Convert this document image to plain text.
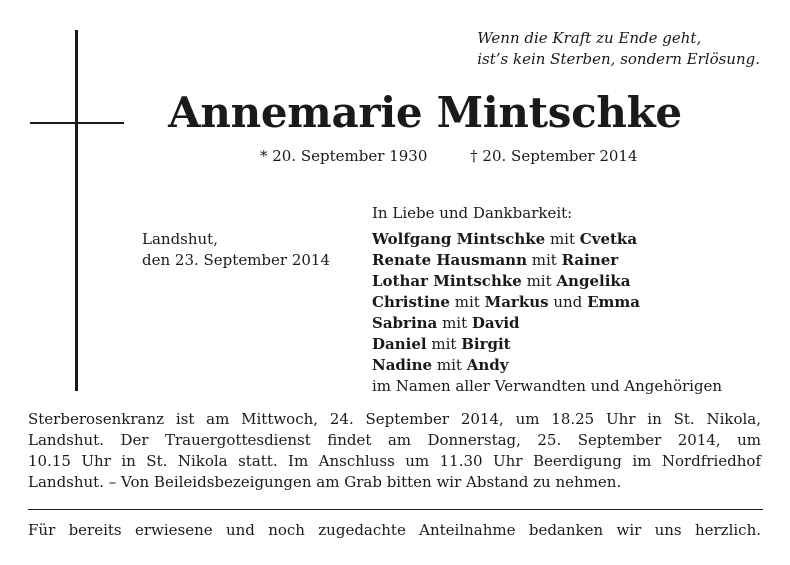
Wenn die Kraft zu Ende geht,
ist’s kein Sterben, sondern Erlösung.
Annemarie Mintschke
* 20. September 1930	† 20. September 2014
Landshut,
den 23. September 2014
In Liebe und Dankbarkeit:
Wolfgang Mintschke mit Cvetka
Renate Hausmann mit Rainer
Lothar Mintschke mit Angelika
Christine mit Markus und Emma
Sabrina mit David
Daniel mit Birgit
Nadine mit Andy
im Namen aller Verwandten und Angehörigen
Sterberosenkranz ist am Mittwoch, 24. September 2014, um 18.25 Uhr in St. Nikola,
Landshut. Der Trauergottesdienst findet am Donnerstag, 25. September 2014, um
10.15 Uhr in St. Nikola statt. Im Anschluss um 11.30 Uhr Beerdigung im Nordfriedhof
Landshut. – Von Beileidsbezeigungen am Grab bitten wir Abstand zu nehmen.
Für bereits erwiesene und noch zugedachte Anteilnahme bedanken wir uns herzlich.
